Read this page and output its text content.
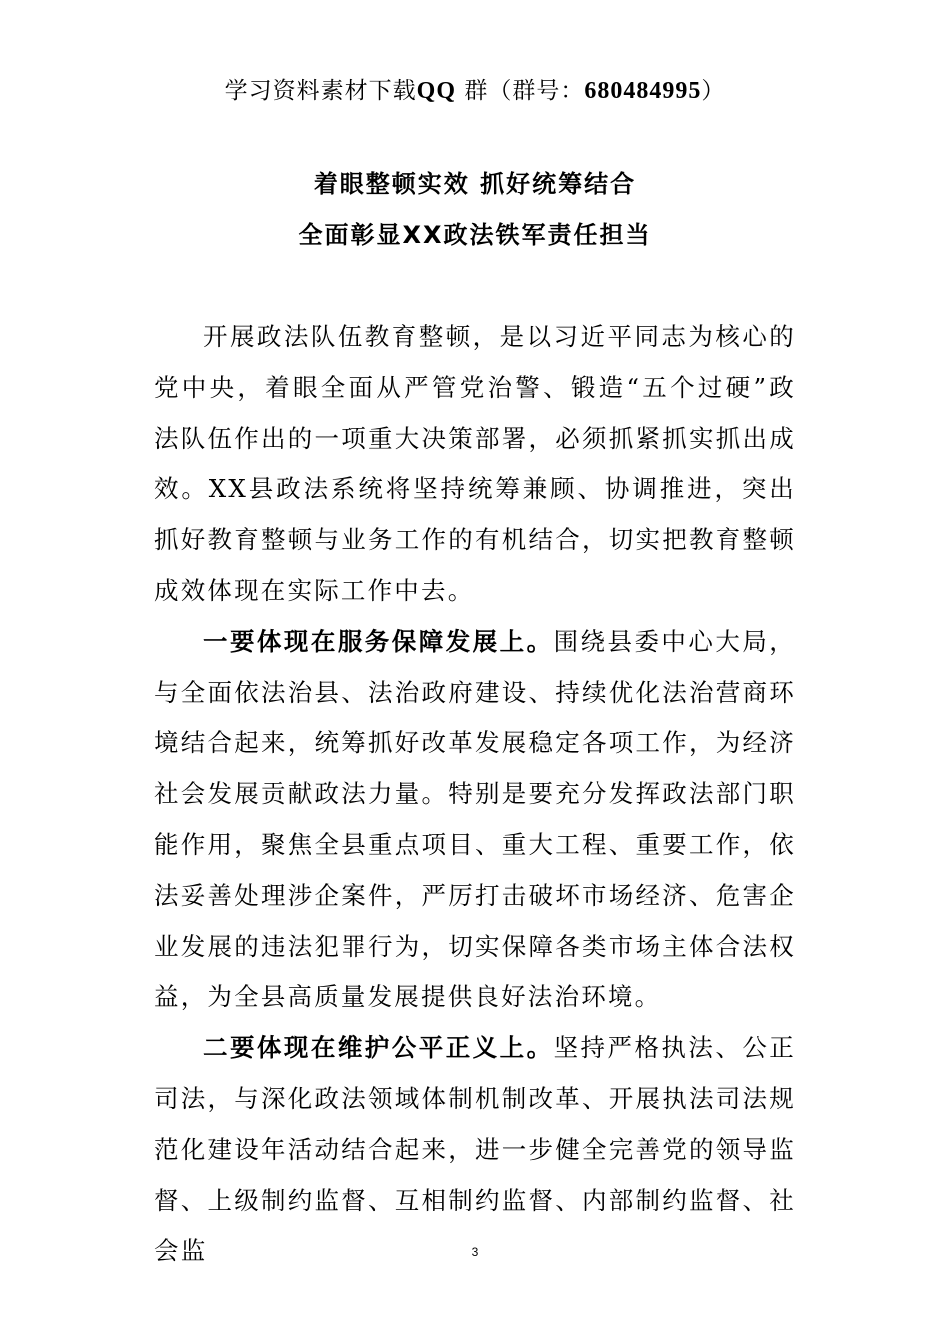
学习资料素材下载QQ 群（群号：680484995）
着眼整顿实效 抓好统筹结合
全面彰显XX政法铁军责任担当

开展政法队伍教育整顿，是以习近平同志为核心的党中央，着眼全面从严管党治警、锻造“五个过硬”政法队伍作出的一项重大决策部署，必须抓紧抓实抓出成效。XX县政法系统将坚持统筹兼顾、协调推进，突出抓好教育整顿与业务工作的有机结合，切实把教育整顿成效体现在实际工作中去。

一要体现在服务保障发展上。围绕县委中心大局，与全面依法治县、法治政府建设、持续优化法治营商环境结合起来，统筹抓好改革发展稳定各项工作，为经济社会发展贡献政法力量。特别是要充分发挥政法部门职能作用，聚焦全县重点项目、重大工程、重要工作，依法妥善处理涉企案件，严厉打击破坏市场经济、危害企业发展的违法犯罪行为，切实保障各类市场主体合法权益，为全县高质量发展提供良好法治环境。

二要体现在维护公平正义上。坚持严格执法、公正司法，与深化政法领域体制机制改革、开展执法司法规范化建设年活动结合起来，进一步健全完善党的领导监督、上级制约监督、互相制约监督、内部制约监督、社会监	3
